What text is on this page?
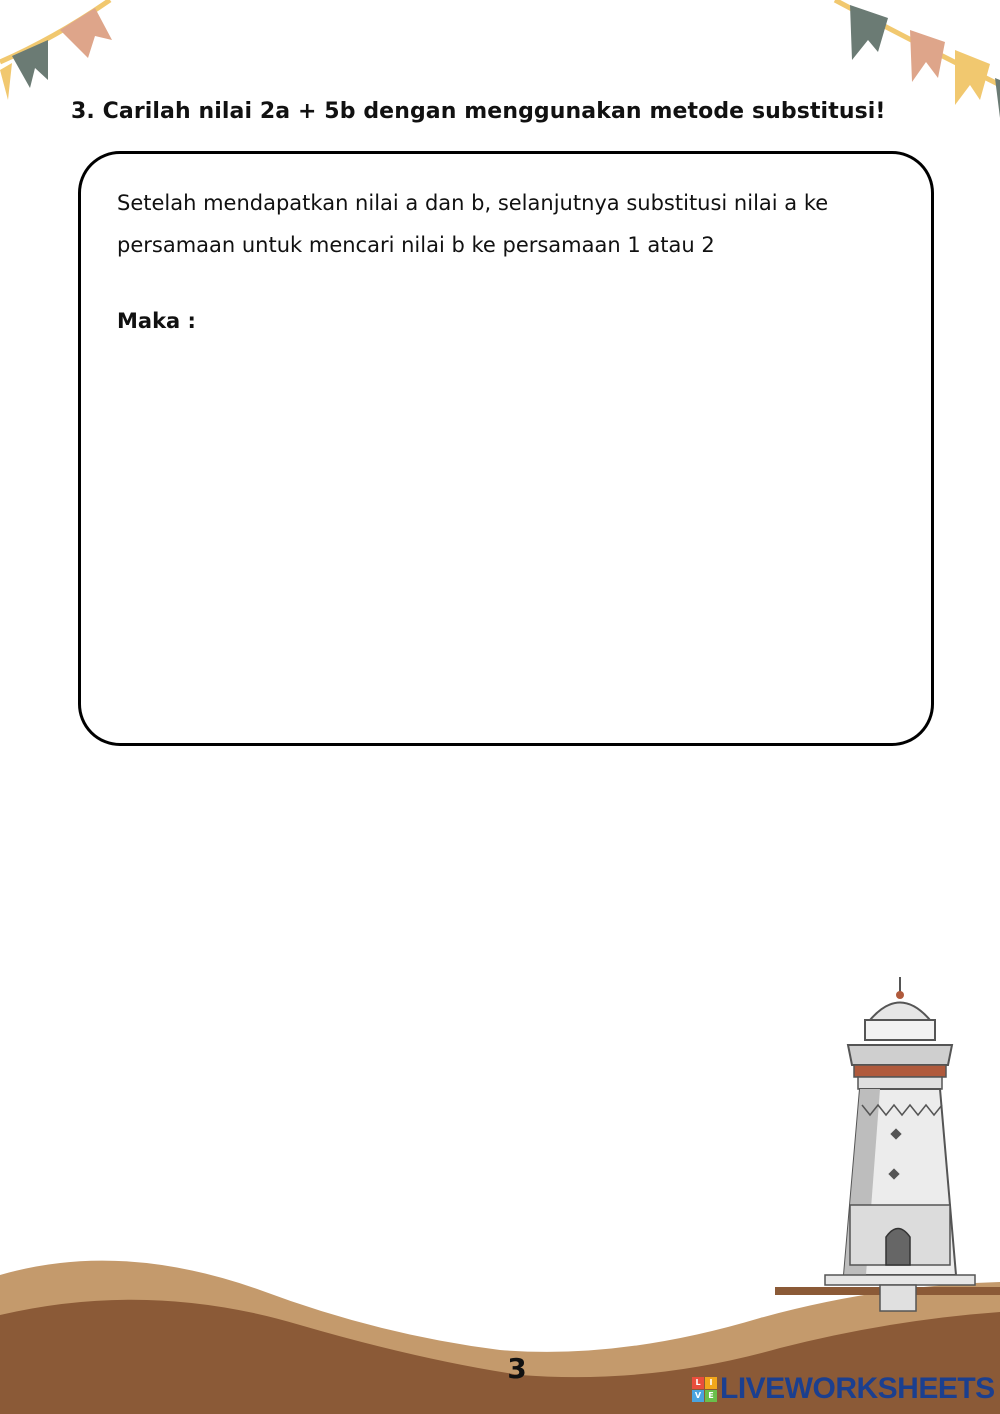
3. Carilah nilai 2a + 5b dengan menggunakan metode substitusi!

Setelah mendapatkan nilai a dan b, selanjutnya substitusi nilai a ke persamaan untuk mencari nilai b ke persamaan 1 atau 2

Maka :

3	L	I
V E LIVEWORKSHEETS
